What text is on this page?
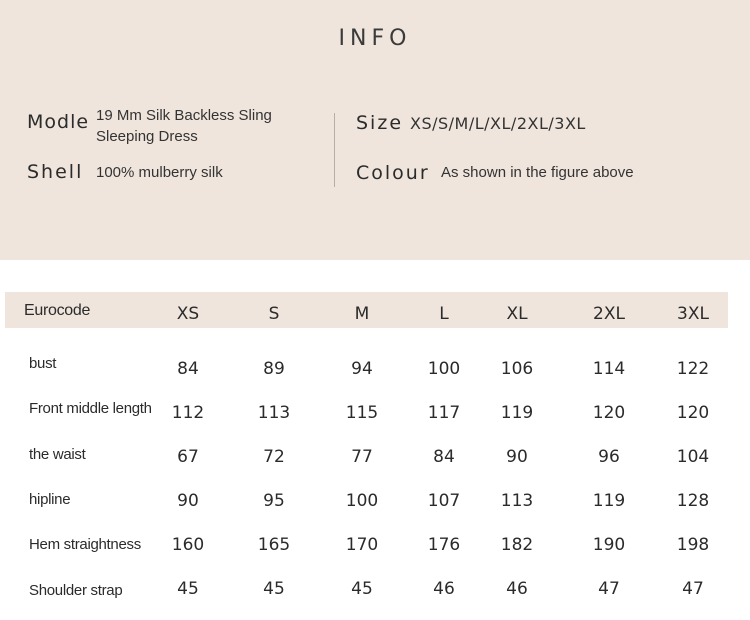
INFO
Modle 19 Mm Silk Backless Sling
Sleeping Dress
Shell 100% mulberry silk
Size XS/S/M/L/XL/2XL/3XL
Colour As shown in the figure above
Eurocode	XS	S	M	L	XL	2XL	3XL
bust	84	89	94	100	106	114	122
Front middle length	112	113	115	117	119	120	120
the waist	67	72	77	84	90	96	104
hipline	90	95	100	107	113	119	128
Hem straightness	160	165	170	176	182	190	198
Shoulder strap	45	45	45	46	46	47	47
